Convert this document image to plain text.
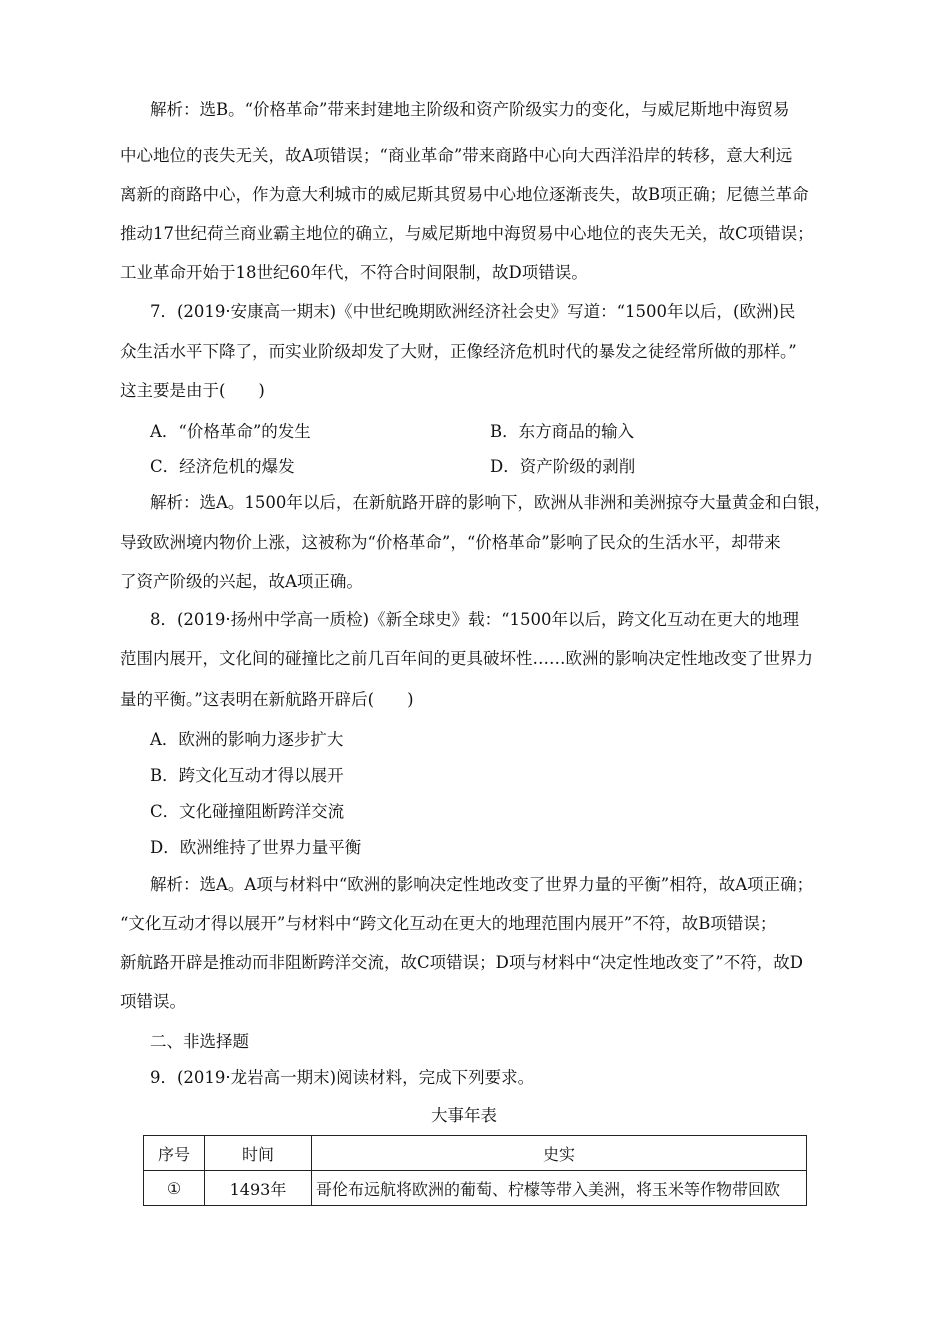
解析：选B。“价格革命”带来封建地主阶级和资产阶级实力的变化，与威尼斯地中海贸易
中心地位的丧失无关，故A项错误；“商业革命”带来商路中心向大西洋沿岸的转移，意大利远
离新的商路中心，作为意大利城市的威尼斯其贸易中心地位逐渐丧失，故B项正确；尼德兰革命
推动17世纪荷兰商业霸主地位的确立，与威尼斯地中海贸易中心地位的丧失无关，故C项错误；
工业革命开始于18世纪60年代，不符合时间限制，故D项错误。
7．(2019·安康高一期末)《中世纪晚期欧洲经济社会史》写道：“1500年以后，(欧洲)民
众生活水平下降了，而实业阶级却发了大财，正像经济危机时代的暴发之徒经常所做的那样。”
这主要是由于(　　)
A．“价格革命”的发生	B．东方商品的输入
C．经济危机的爆发	D．资产阶级的剥削
解析：选A。1500年以后，在新航路开辟的影响下，欧洲从非洲和美洲掠夺大量黄金和白银，
导致欧洲境内物价上涨，这被称为“价格革命”，“价格革命”影响了民众的生活水平，却带来
了资产阶级的兴起，故A项正确。
8．(2019·扬州中学高一质检)《新全球史》载：“1500年以后，跨文化互动在更大的地理
范围内展开，文化间的碰撞比之前几百年间的更具破坏性……欧洲的影响决定性地改变了世界力
量的平衡。”这表明在新航路开辟后(　　)
A．欧洲的影响力逐步扩大
B．跨文化互动才得以展开
C．文化碰撞阻断跨洋交流
D．欧洲维持了世界力量平衡
解析：选A。A项与材料中“欧洲的影响决定性地改变了世界力量的平衡”相符，故A项正确；
“文化互动才得以展开”与材料中“跨文化互动在更大的地理范围内展开”不符，故B项错误；
新航路开辟是推动而非阻断跨洋交流，故C项错误；D项与材料中“决定性地改变了”不符，故D
项错误。
二、非选择题
9．(2019·龙岩高一期末)阅读材料，完成下列要求。
大事年表
序号	时间	史实
①	1493年	哥伦布远航将欧洲的葡萄、柠檬等带入美洲，将玉米等作物带回欧
